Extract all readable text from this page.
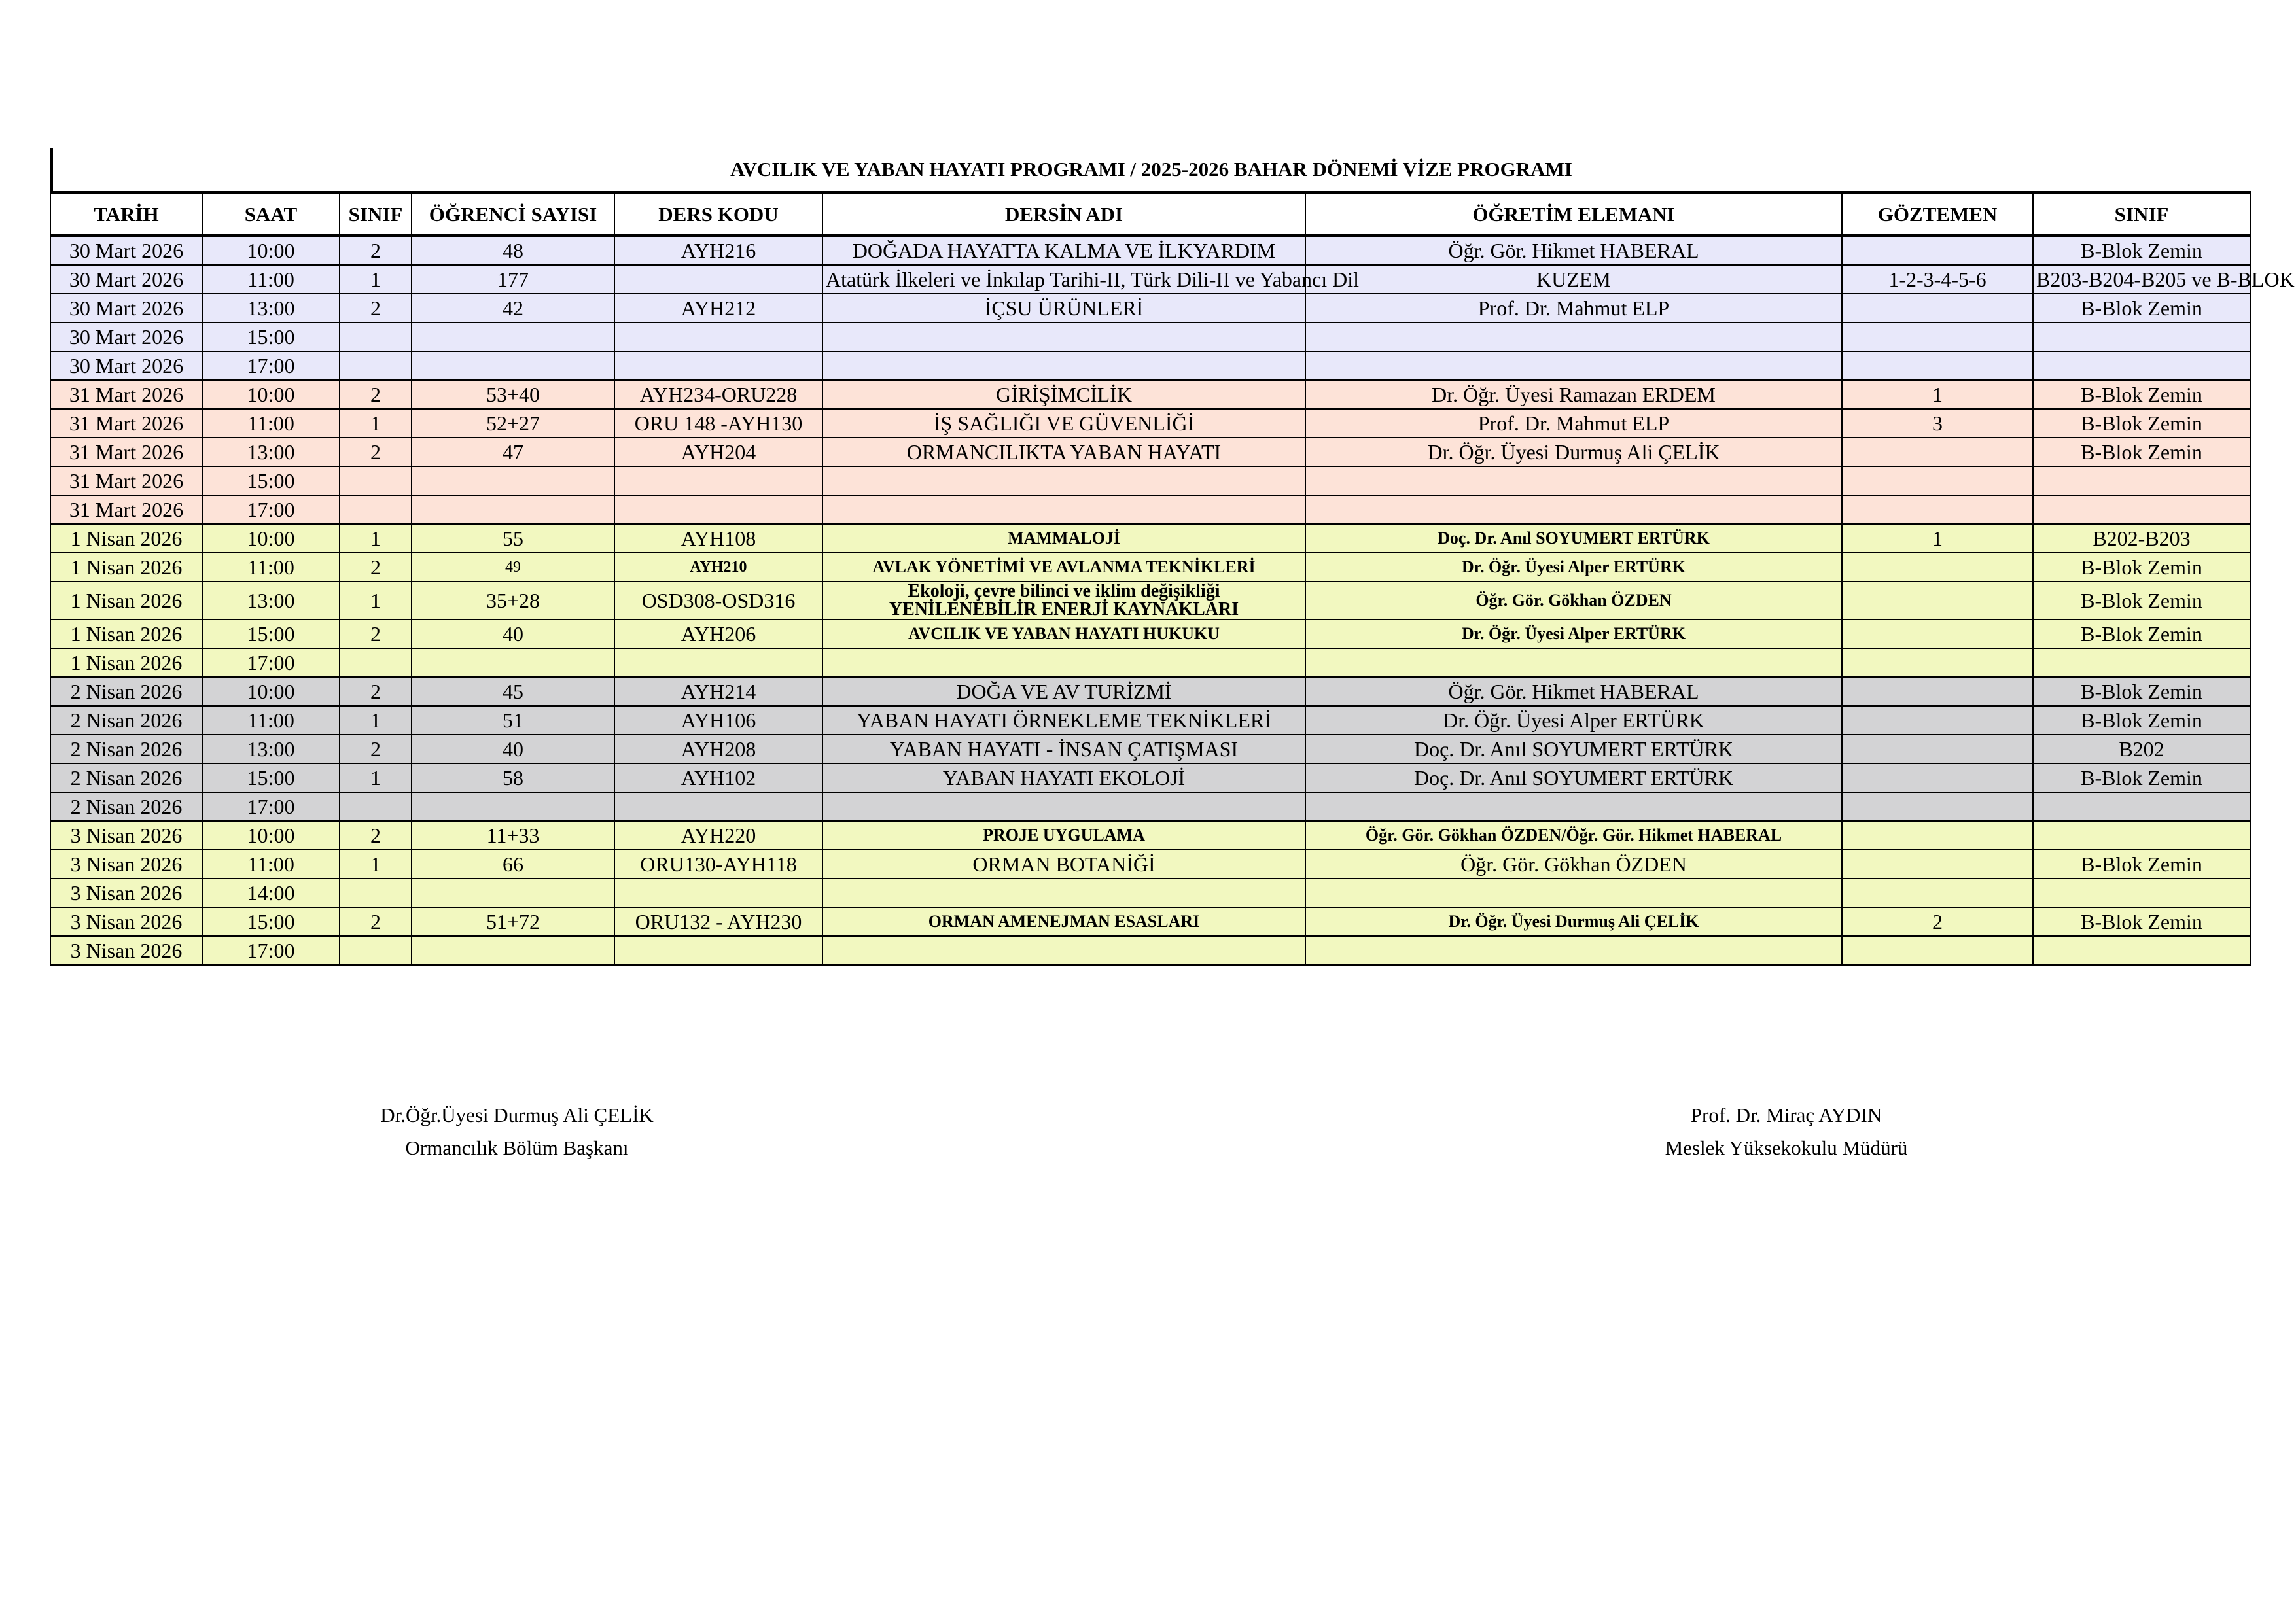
AVCILIK VE YABAN HAYATI PROGRAMI / 2025-2026 BAHAR DÖNEMİ VİZE PROGRAMI
TARİH	SAAT	SINIF	ÖĞRENCİ SAYISI	DERS KODU	DERSİN ADI	ÖĞRETİM ELEMANI	GÖZTEMEN	SINIF
30 Mart 2026	10:00	2	48	AYH216	DOĞADA HAYATTA KALMA VE İLKYARDIM	Öğr. Gör. Hikmet HABERAL		B-Blok Zemin
30 Mart 2026	11:00	1	177		Atatürk İlkeleri ve İnkılap Tarihi-II, Türk Dili-II ve Yabancı Dil	KUZEM	1-2-3-4-5-6	B203-B204-B205 ve B-BLOK
30 Mart 2026	13:00	2	42	AYH212	İÇSU ÜRÜNLERİ	Prof. Dr. Mahmut ELP		B-Blok Zemin
30 Mart 2026	15:00							
30 Mart 2026	17:00							
31 Mart 2026	10:00	2	53+40	AYH234-ORU228	GİRİŞİMCİLİK	Dr. Öğr. Üyesi Ramazan ERDEM	1	B-Blok Zemin
31 Mart 2026	11:00	1	52+27	ORU 148 -AYH130	İŞ SAĞLIĞI VE GÜVENLİĞİ	Prof. Dr. Mahmut ELP	3	B-Blok Zemin
31 Mart 2026	13:00	2	47	AYH204	ORMANCILIKTA YABAN HAYATI	Dr. Öğr. Üyesi Durmuş Ali ÇELİK		B-Blok Zemin
31 Mart 2026	15:00							
31 Mart 2026	17:00							
1 Nisan 2026	10:00	1	55	AYH108	MAMMALOJİ	Doç. Dr. Anıl SOYUMERT ERTÜRK	1	B202-B203
1 Nisan 2026	11:00	2	49	AYH210	AVLAK YÖNETİMİ VE AVLANMA TEKNİKLERİ	Dr. Öğr. Üyesi Alper ERTÜRK		B-Blok Zemin
1 Nisan 2026	13:00	1	35+28	OSD308-OSD316	Ekoloji, çevre bilinci ve iklim değişikliği
YENİLENEBİLİR ENERJİ KAYNAKLARI	Öğr. Gör. Gökhan ÖZDEN		B-Blok Zemin
1 Nisan 2026	15:00	2	40	AYH206	AVCILIK VE YABAN HAYATI HUKUKU	Dr. Öğr. Üyesi Alper ERTÜRK		B-Blok Zemin
1 Nisan 2026	17:00							
2 Nisan 2026	10:00	2	45	AYH214	DOĞA VE AV TURİZMİ	Öğr. Gör. Hikmet HABERAL		B-Blok Zemin
2 Nisan 2026	11:00	1	51	AYH106	YABAN HAYATI ÖRNEKLEME TEKNİKLERİ	Dr. Öğr. Üyesi Alper ERTÜRK		B-Blok Zemin
2 Nisan 2026	13:00	2	40	AYH208	YABAN HAYATI - İNSAN ÇATIŞMASI	Doç. Dr. Anıl SOYUMERT ERTÜRK		B202
2 Nisan 2026	15:00	1	58	AYH102	YABAN HAYATI EKOLOJİ	Doç. Dr. Anıl SOYUMERT ERTÜRK		B-Blok Zemin
2 Nisan 2026	17:00							
3 Nisan 2026	10:00	2	11+33	AYH220	PROJE UYGULAMA	Öğr. Gör. Gökhan ÖZDEN/Öğr. Gör. Hikmet HABERAL		
3 Nisan 2026	11:00	1	66	ORU130-AYH118	ORMAN BOTANİĞİ	Öğr. Gör. Gökhan ÖZDEN		B-Blok Zemin
3 Nisan 2026	14:00							
3 Nisan 2026	15:00	2	51+72	ORU132 - AYH230	ORMAN AMENEJMAN ESASLARI	Dr. Öğr. Üyesi Durmuş Ali ÇELİK	2	B-Blok Zemin
3 Nisan 2026	17:00							
Dr.Öğr.Üyesi Durmuş Ali ÇELİK
Ormancılık Bölüm Başkanı
Prof. Dr. Miraç AYDIN
Meslek Yüksekokulu Müdürü
